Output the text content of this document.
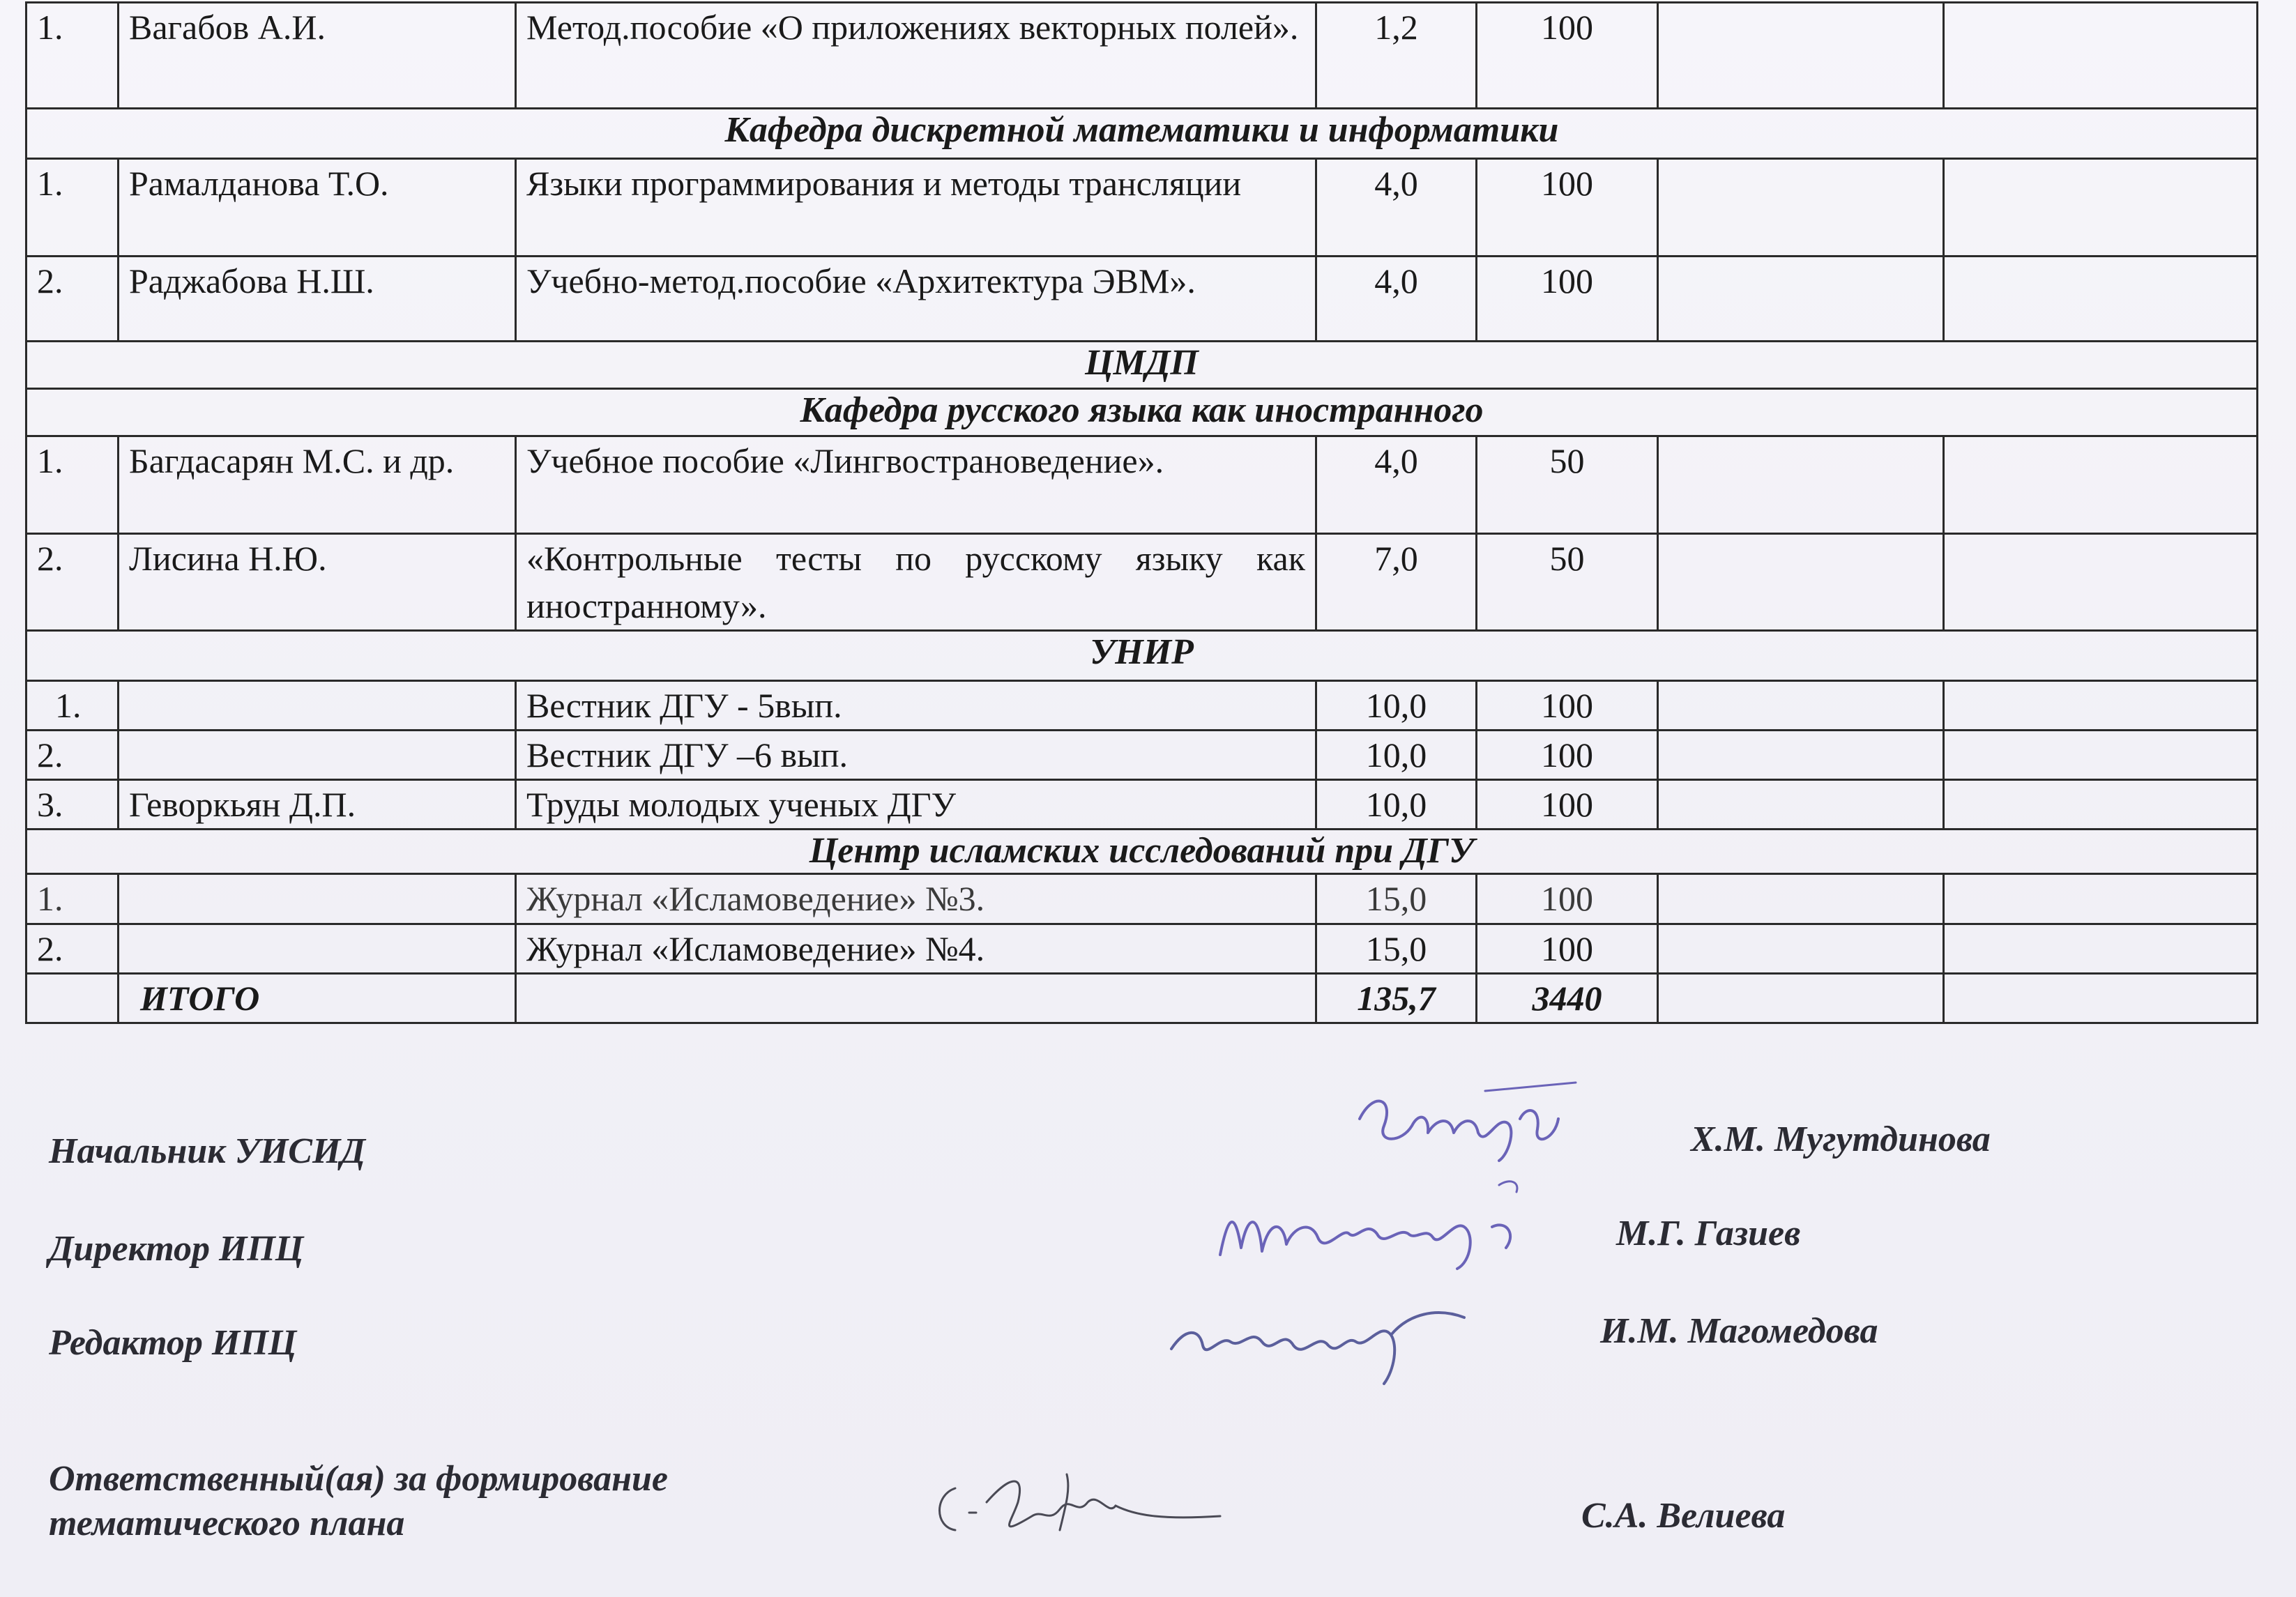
1.	Вагабов А.И.	Метод.пособие «О приложениях векторных полей».	1,2	100		
Кафедра дискретной математики и информатики						
1.	Рамалданова Т.О.	Языки программирования и методы трансляции	4,0	100		
2.	Раджабова Н.Ш.	Учебно-метод.пособие «Архитектура ЭВМ».	4,0	100		
ЦМДП						
Кафедра русского языка как иностранного						
1.	Багдасарян М.С. и др.	Учебное пособие «Лингвострановедение».	4,0	50		
2.	Лисина Н.Ю.	«Контрольные тесты по русскому языку как иностранному».	7,0	50		
УНИР						
1.		Вестник ДГУ - 5вып.	10,0	100		
2.		Вестник ДГУ –6 вып.	10,0	100		
3.	Геворкьян Д.П.	Труды молодых ученых ДГУ	10,0	100		
Центр исламских исследований при ДГУ						
1.		Журнал «Исламоведение» №3.	15,0	100		
2.		Журнал «Исламоведение» №4.	15,0	100		
	ИТОГО		135,7	3440		
Начальник УИСИД	Х.М. Мугутдинова
Директор ИПЦ	М.Г. Газиев
Редактор ИПЦ	И.М. Магомедова
Ответственный(ая) за формирование
тематического плана	С.А. Велиева
